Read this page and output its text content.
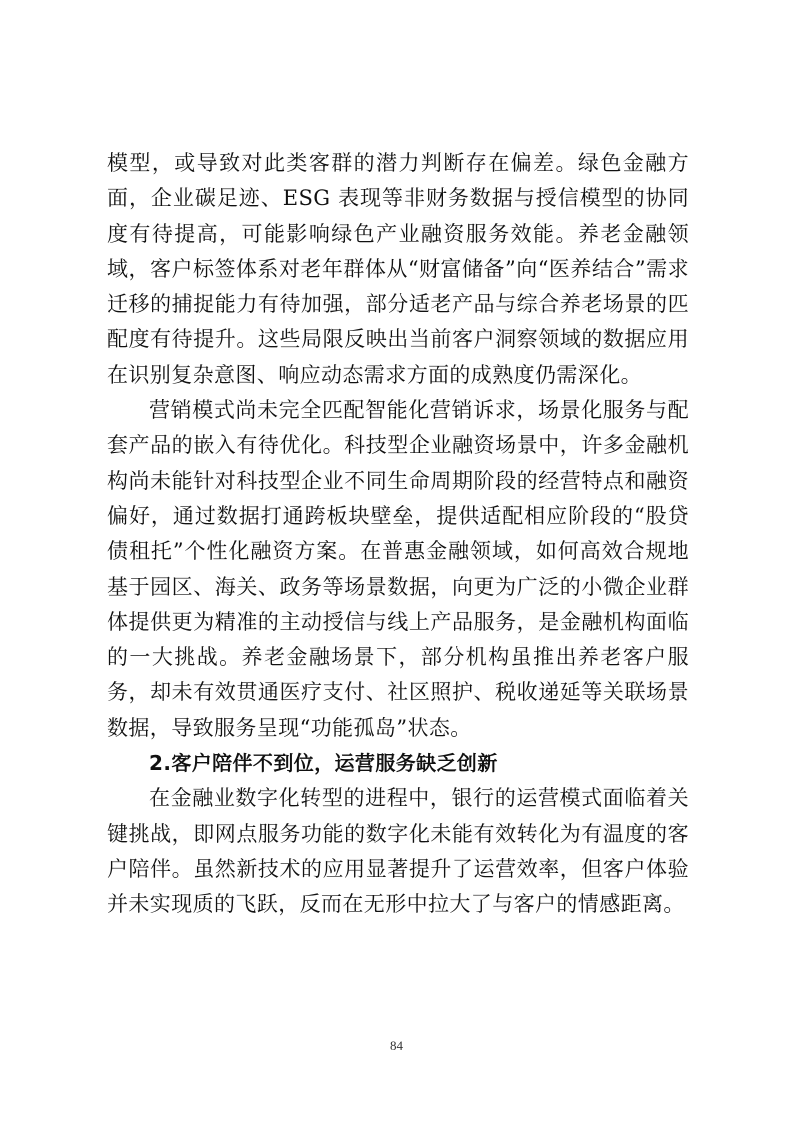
模型，或导致对此类客群的潜力判断存在偏差。绿色金融方面，企业碳足迹、ESG 表现等非财务数据与授信模型的协同度有待提高，可能影响绿色产业融资服务效能。养老金融领域，客户标签体系对老年群体从“财富储备”向“医养结合”需求迁移的捕捉能力有待加强，部分适老产品与综合养老场景的匹配度有待提升。这些局限反映出当前客户洞察领域的数据应用在识别复杂意图、响应动态需求方面的成熟度仍需深化。

营销模式尚未完全匹配智能化营销诉求，场景化服务与配套产品的嵌入有待优化。科技型企业融资场景中，许多金融机构尚未能针对科技型企业不同生命周期阶段的经营特点和融资偏好，通过数据打通跨板块壁垒，提供适配相应阶段的“股贷债租托”个性化融资方案。在普惠金融领域，如何高效合规地基于园区、海关、政务等场景数据，向更为广泛的小微企业群体提供更为精准的主动授信与线上产品服务，是金融机构面临的一大挑战。养老金融场景下，部分机构虽推出养老客户服务，却未有效贯通医疗支付、社区照护、税收递延等关联场景数据，导致服务呈现“功能孤岛”状态。

2.客户陪伴不到位，运营服务缺乏创新

在金融业数字化转型的进程中，银行的运营模式面临着关键挑战，即网点服务功能的数字化未能有效转化为有温度的客户陪伴。虽然新技术的应用显著提升了运营效率，但客户体验并未实现质的飞跃，反而在无形中拉大了与客户的情感距离。

84
